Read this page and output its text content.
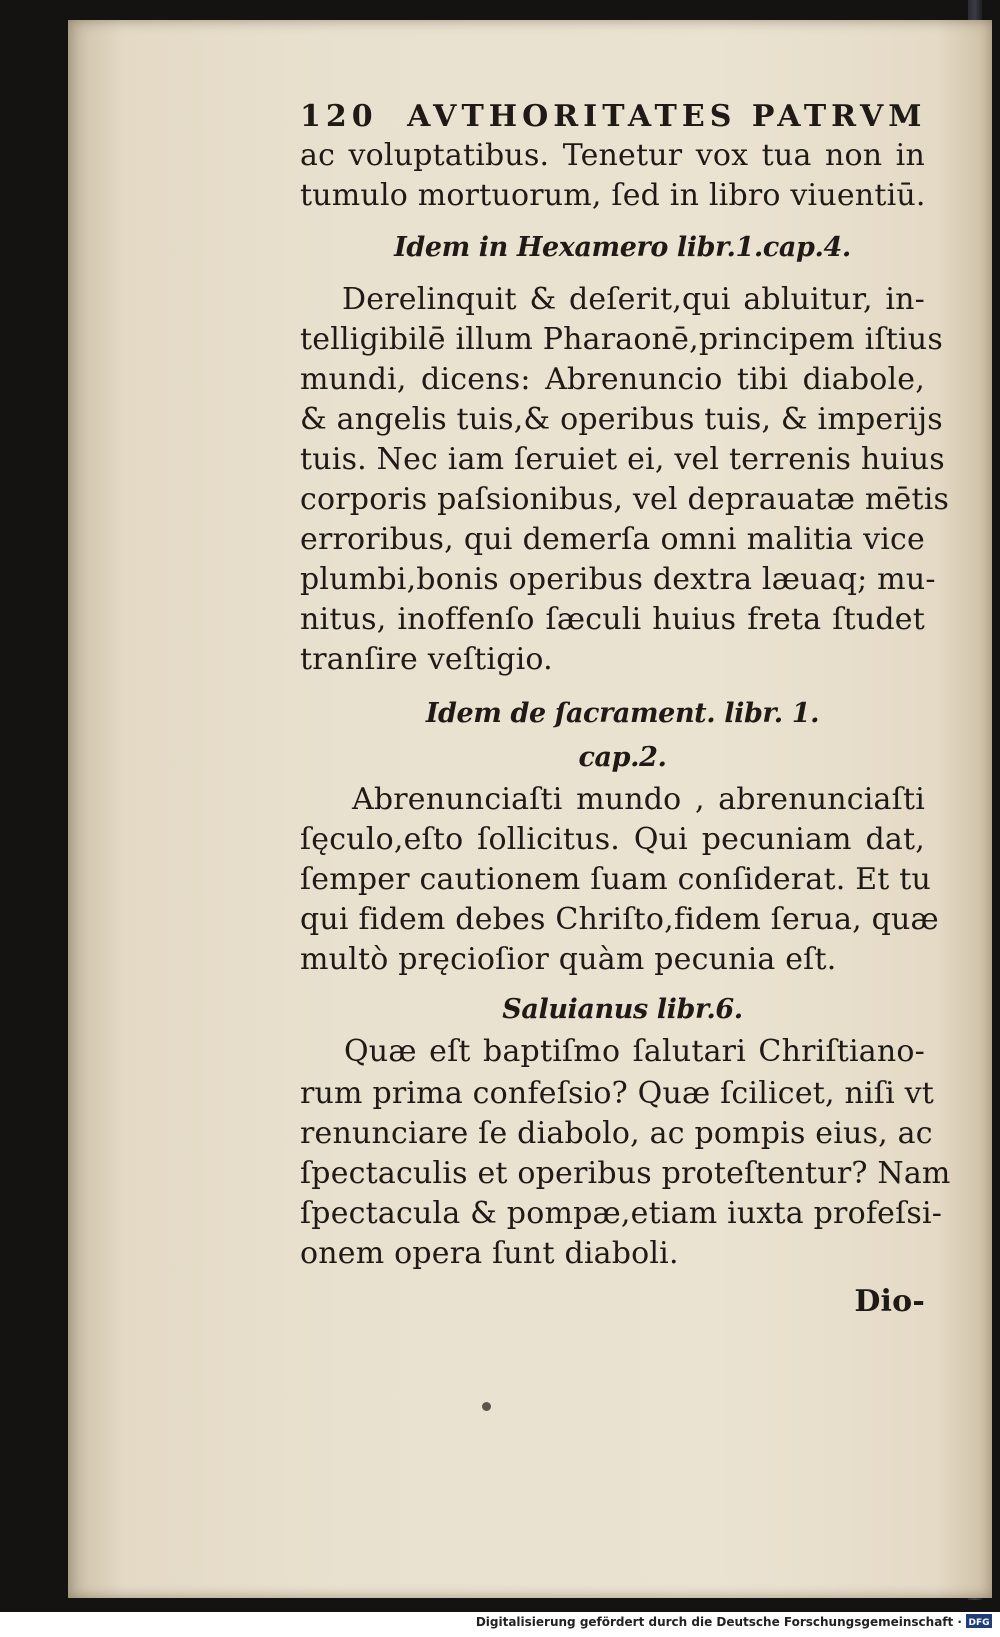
120 AVTHORITATES PATRVM
ac voluptatibus. Tenetur vox tua non in
tumulo mortuorum, ſed in libro viuentiū.
Idem in Hexamero libr.1.cap.4.
Derelinquit & deſerit,qui abluitur, in-
telligibilē illum Pharaonē,principem iſtius
mundi, dicens: Abrenuncio tibi diabole,
& angelis tuis,& operibus tuis, & imperijs
tuis. Nec iam ſeruiet ei, vel terrenis huius
corporis paſsionibus, vel deprauatæ mētis
erroribus, qui demerſa omni malitia vice
plumbi,bonis operibus dextra læuaq; mu-
nitus, inoffenſo ſæculi huius freta ſtudet
tranſire veſtigio.
Idem de ſacrament. libr. 1.
cap.2.
Abrenunciaſti mundo , abrenunciaſti
ſęculo,eſto ſollicitus. Qui pecuniam dat,
ſemper cautionem ſuam conſiderat. Et tu
qui fidem debes Chriſto,fidem ſerua, quæ
multò pręcioſior quàm pecunia eſt.
Saluianus libr.6.
Quæ eſt baptiſmo ſalutari Chriſtiano-
rum prima confeſsio? Quæ ſcilicet, niſi vt
renunciare ſe diabolo, ac pompis eius, ac
ſpectaculis et operibus proteſtentur? Nam
ſpectacula & pompæ,etiam iuxta profeſsi-
onem opera ſunt diaboli.
Dio-
Digitalisierung gefördert durch die Deutsche Forschungsgemeinschaft · DFG
